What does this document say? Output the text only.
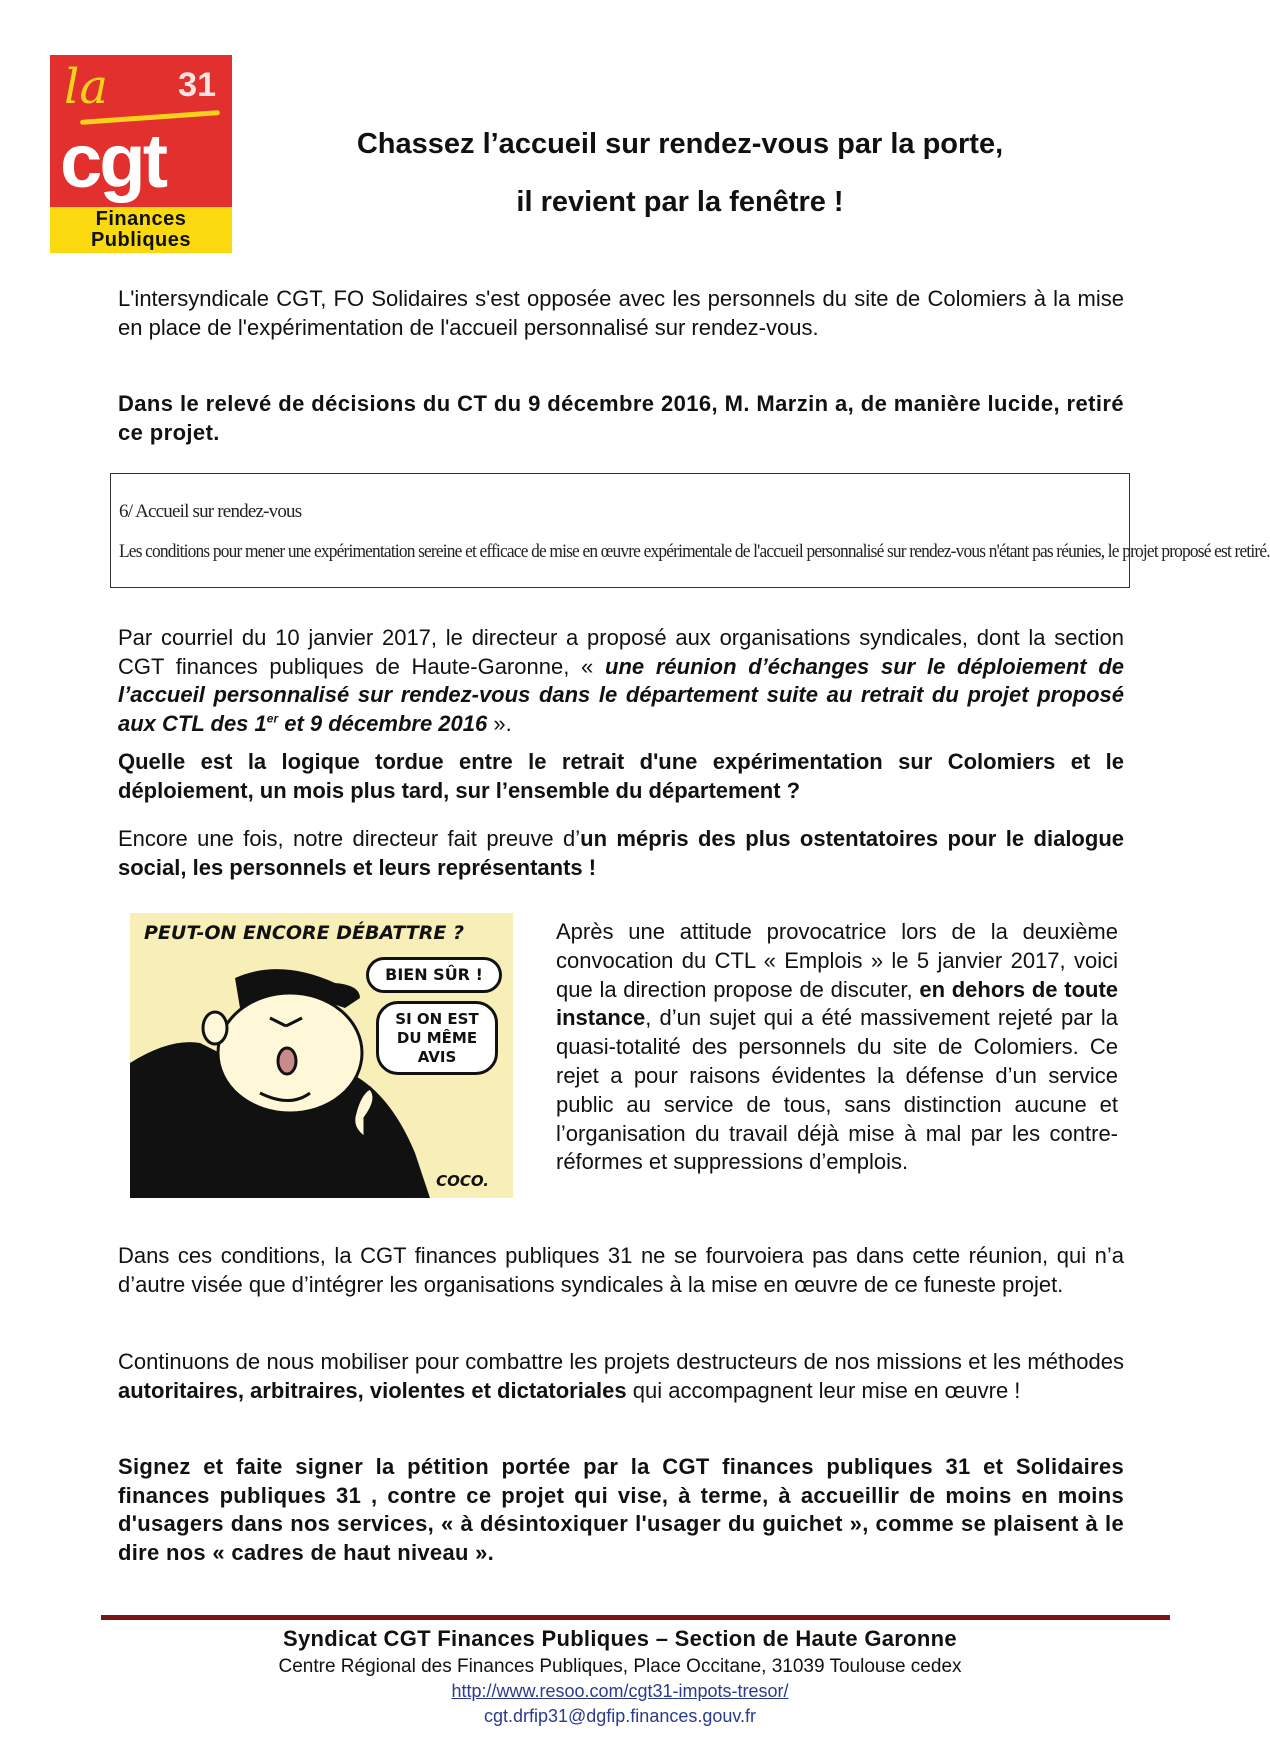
la 31
cgt
Finances
Publiques
Chassez l’accueil sur rendez-vous par la porte,
il revient par la fenêtre !
L'intersyndicale CGT, FO Solidaires s'est opposée avec les personnels du site de Colomiers à la mise en place de l'expérimentation de l'accueil personnalisé sur rendez-vous.
Dans le relevé de décisions du CT du 9 décembre 2016, M. Marzin a, de manière lucide, retiré ce projet.
6/ Accueil sur rendez-vous
Les conditions pour mener une expérimentation sereine et efficace de mise en œuvre expérimentale de l'accueil personnalisé sur rendez-vous n'étant pas réunies, le projet proposé est retiré.
Par courriel du 10 janvier 2017, le directeur a proposé aux organisations syndicales, dont la section CGT finances publiques de Haute-Garonne, « une réunion d’échanges sur le déploiement de l’accueil personnalisé sur rendez-vous dans le département suite au retrait du projet proposé aux CTL des 1er et 9 décembre 2016 ».
Quelle est la logique tordue entre le retrait d'une expérimentation sur Colomiers et le déploiement, un mois plus tard, sur l’ensemble du département ?
Encore une fois, notre directeur fait preuve d’un mépris des plus ostentatoires pour le dialogue social, les personnels et leurs représentants !
PEUT-ON ENCORE DÉBATTRE ?
BIEN SÛR !
SI ON EST DU MÊME AVIS
COCO.
Après une attitude provocatrice lors de la deuxième convocation du CTL « Emplois » le 5 janvier 2017, voici que la direction propose de discuter, en dehors de toute instance, d’un sujet qui a été massivement rejeté par la quasi-totalité des personnels du site de Colomiers. Ce rejet a pour raisons évidentes la défense d’un service public au service de tous, sans distinction aucune et l’organisation du travail déjà mise à mal par les contre-réformes et suppressions d’emplois.
Dans ces conditions, la CGT finances publiques 31 ne se fourvoiera pas dans cette réunion, qui n’a d’autre visée que d’intégrer les organisations syndicales à la mise en œuvre de ce funeste projet.
Continuons de nous mobiliser pour combattre les projets destructeurs de nos missions et les méthodes autoritaires, arbitraires, violentes et dictatoriales qui accompagnent leur mise en œuvre !
Signez et faite signer la pétition portée par la CGT finances publiques 31 et Solidaires finances publiques 31 , contre ce projet qui vise, à terme, à accueillir de moins en moins d'usagers dans nos services, « à désintoxiquer l'usager du guichet », comme se plaisent à le dire nos « cadres de haut niveau ».
Syndicat CGT Finances Publiques – Section de Haute Garonne
Centre Régional des Finances Publiques, Place Occitane, 31039 Toulouse cedex
http://www.resoo.com/cgt31-impots-tresor/
cgt.drfip31@dgfip.finances.gouv.fr
